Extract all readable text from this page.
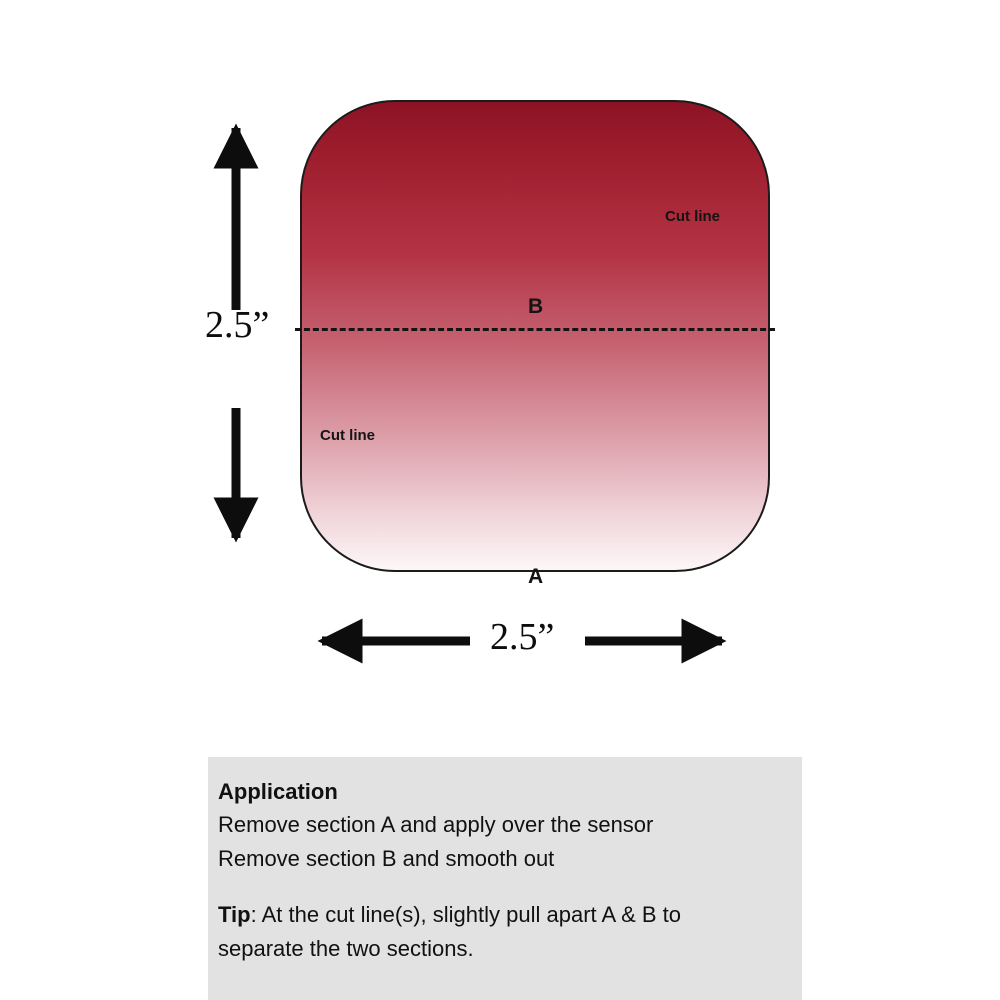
B
A
Cut line
Cut line
2.5”
2.5”
Application
Remove section A and apply over the sensor
Remove section B and smooth out
Tip: At the cut line(s), slightly pull apart A & B to
separate the two sections.
